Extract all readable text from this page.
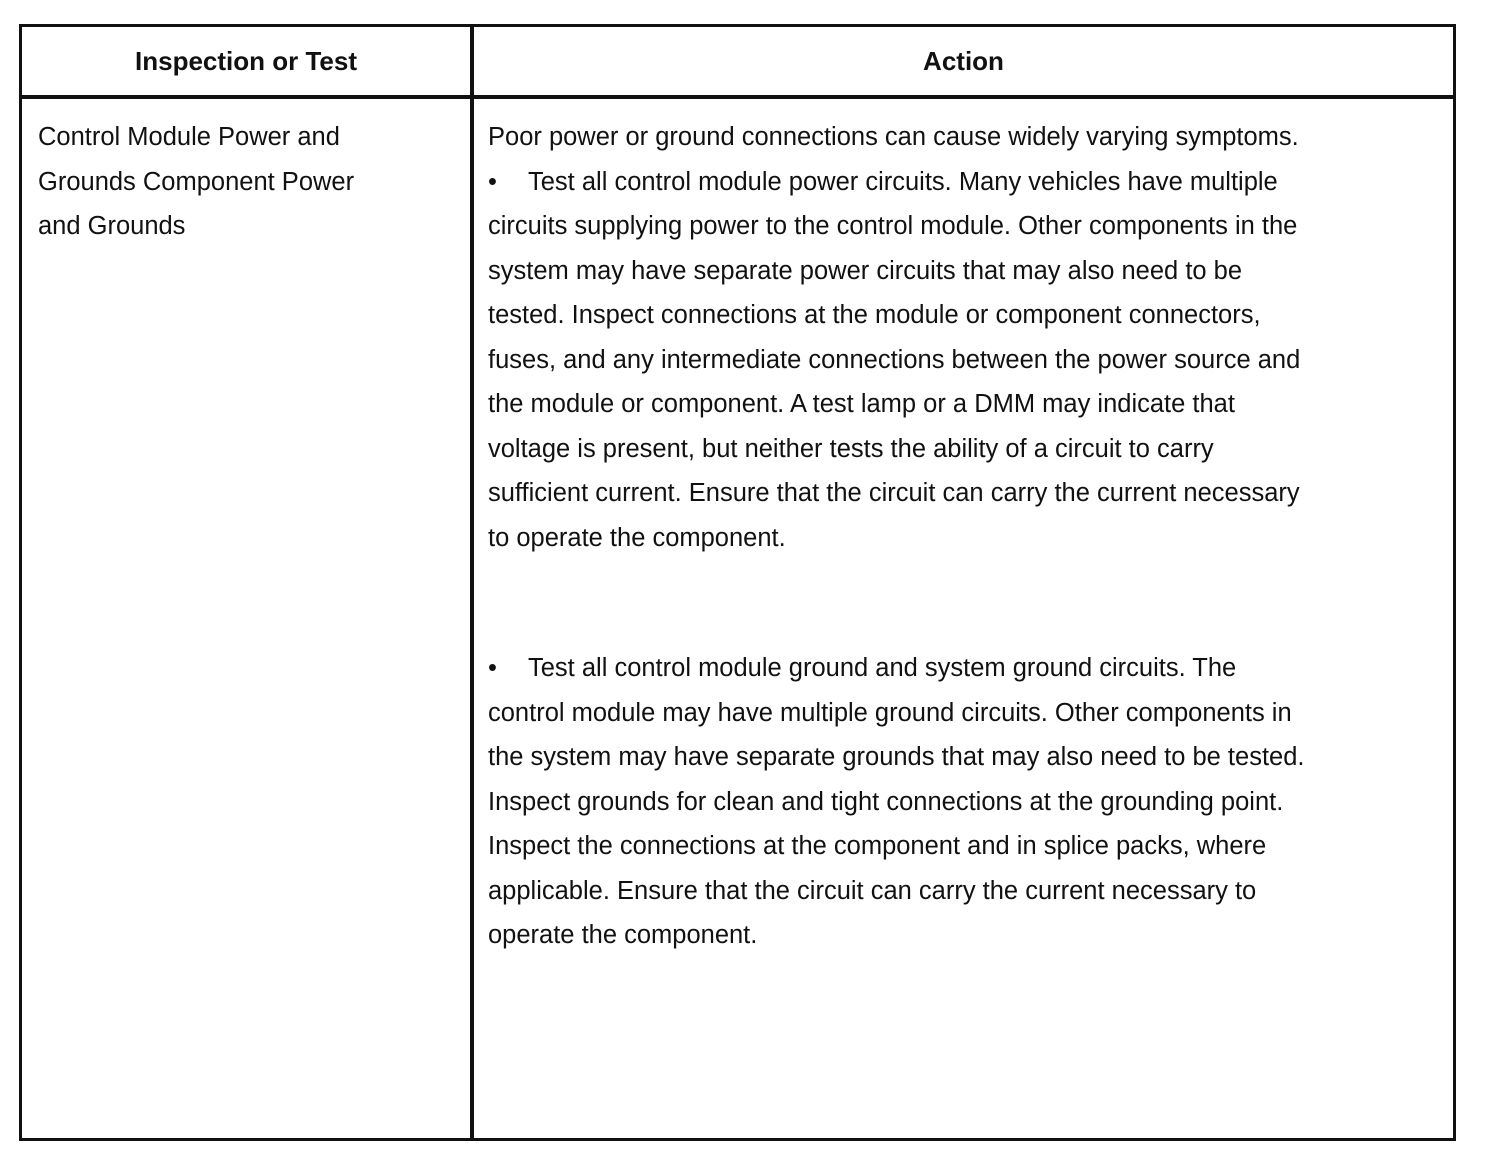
Inspection or Test	Action
Control Module Power and
Grounds Component Power
and Grounds
Poor power or ground connections can cause widely varying symptoms.
• Test all control module power circuits. Many vehicles have multiple
circuits supplying power to the control module. Other components in the
system may have separate power circuits that may also need to be
tested. Inspect connections at the module or component connectors,
fuses, and any intermediate connections between the power source and
the module or component. A test lamp or a DMM may indicate that
voltage is present, but neither tests the ability of a circuit to carry
sufficient current. Ensure that the circuit can carry the current necessary
to operate the component.
• Test all control module ground and system ground circuits. The
control module may have multiple ground circuits. Other components in
the system may have separate grounds that may also need to be tested.
Inspect grounds for clean and tight connections at the grounding point.
Inspect the connections at the component and in splice packs, where
applicable. Ensure that the circuit can carry the current necessary to
operate the component.
